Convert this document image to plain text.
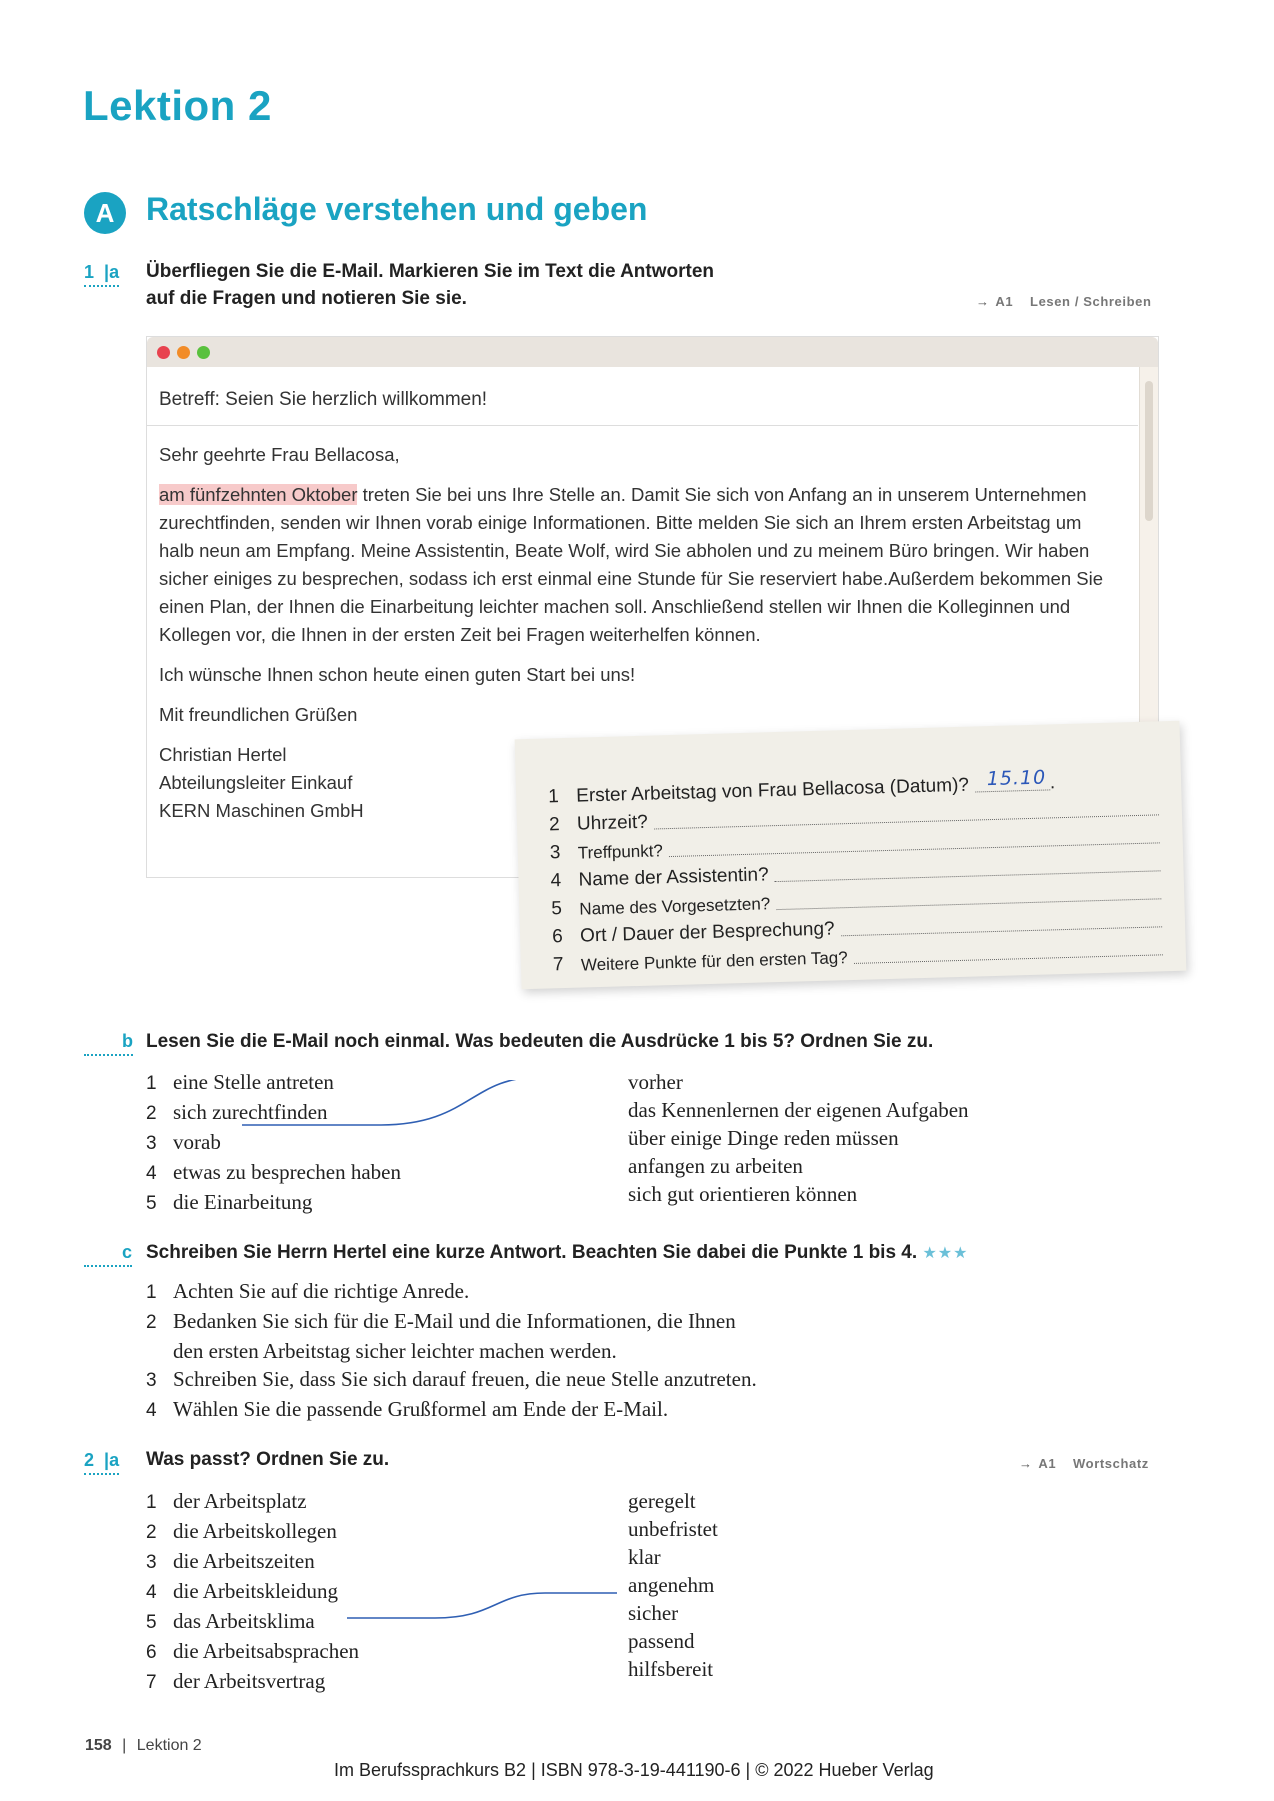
Lektion 2
A Ratschläge verstehen und geben
1 |a Überfliegen Sie die E-Mail. Markieren Sie im Text die Antworten
auf die Fragen und notieren Sie sie.	→ A1 Lesen / Schreiben
Betreff: Seien Sie herzlich willkommen!

Sehr geehrte Frau Bellacosa,

am fünfzehnten Oktober treten Sie bei uns Ihre Stelle an. Damit Sie sich von Anfang an in unserem Unternehmen zurechtfinden, senden wir Ihnen vorab einige Informationen. Bitte melden Sie sich an Ihrem ersten Arbeitstag um halb neun am Empfang. Meine Assistentin, Beate Wolf, wird Sie abholen und zu meinem Büro bringen. Wir haben sicher einiges zu besprechen, sodass ich erst einmal eine Stunde für Sie reserviert habe.Außerdem bekommen Sie einen Plan, der Ihnen die Einarbeitung leichter machen soll. Anschließend stellen wir Ihnen die Kolleginnen und Kollegen vor, die Ihnen in der ersten Zeit bei Fragen weiterhelfen können.

Ich wünsche Ihnen schon heute einen guten Start bei uns!

Mit freundlichen Grüßen

Christian Hertel
Abteilungsleiter Einkauf
KERN Maschinen GmbH
1 Erster Arbeitstag von Frau Bellacosa (Datum)? 15.10 .
2 Uhrzeit?
3 Treffpunkt?
4 Name der Assistentin?
5 Name des Vorgesetzten?
6 Ort / Dauer der Besprechung?
7 Weitere Punkte für den ersten Tag?
b Lesen Sie die E-Mail noch einmal. Was bedeuten die Ausdrücke 1 bis 5? Ordnen Sie zu.
1 eine Stelle antreten
2 sich zurechtfinden
3 vorab
4 etwas zu besprechen haben
5 die Einarbeitung
vorher
das Kennenlernen der eigenen Aufgaben
über einige Dinge reden müssen
anfangen zu arbeiten
sich gut orientieren können
c Schreiben Sie Herrn Hertel eine kurze Antwort. Beachten Sie dabei die Punkte 1 bis 4. ★★★
1 Achten Sie auf die richtige Anrede.
2 Bedanken Sie sich für die E-Mail und die Informationen, die Ihnen
den ersten Arbeitstag sicher leichter machen werden.
3 Schreiben Sie, dass Sie sich darauf freuen, die neue Stelle anzutreten.
4 Wählen Sie die passende Grußformel am Ende der E-Mail.
2 |a Was passt? Ordnen Sie zu.	→ A1 Wortschatz
1 der Arbeitsplatz
2 die Arbeitskollegen
3 die Arbeitszeiten
4 die Arbeitskleidung
5 das Arbeitsklima
6 die Arbeitsabsprachen
7 der Arbeitsvertrag
geregelt
unbefristet
klar
angenehm
sicher
passend
hilfsbereit
158 | Lektion 2
Im Berufssprachkurs B2 | ISBN 978-3-19-441190-6 | © 2022 Hueber Verlag
